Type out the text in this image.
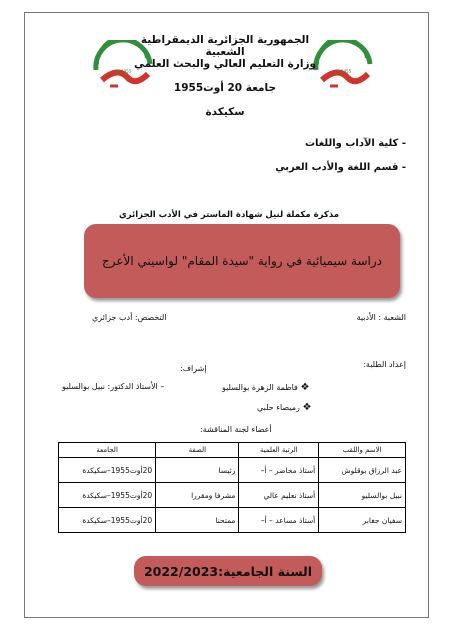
20 1955	20 1955
الجمهورية الجزائرية الديمقراطية الشعبية
وزارة التعليم العالي والبحث العلمي
جامعة 20 أوت1955
سكيكدة
- كلية الآداب واللغات
- قسم اللغة والأدب العربي
مذكرة مكملة لنيل شهادة الماستر في الأدب الجزائري
دراسة سيميائية في رواية "سيدة المقام" لواسيني الأعرج
الشعبة : الأدبية
التخصص: أدب جزائري
إعداد الطلبة:
إشراف:
❖ فاطمة الزهرة بوالسليو
❖ رميصاء حلبي
– الأستاذ الدكتور: نبيل بوالسليو
أعضاء لجنة المناقشة:
الاسم واللقب	الرتبة العلمية	الصفة	الجامعة
عبد الرزاق بوقلوش	أستاذ محاضر – أ–	رئيسا	20أوت1955–سكيكدة
نبيل بوالسليو	أستاذ تعليم عالي	مشرفا ومقررا	20أوت1955–سكيكدة
سفيان جغابر	أستاذ مساعد – أ–	ممتحنا	20أوت1955–سكيكدة
السنة الجامعية:2022/2023
